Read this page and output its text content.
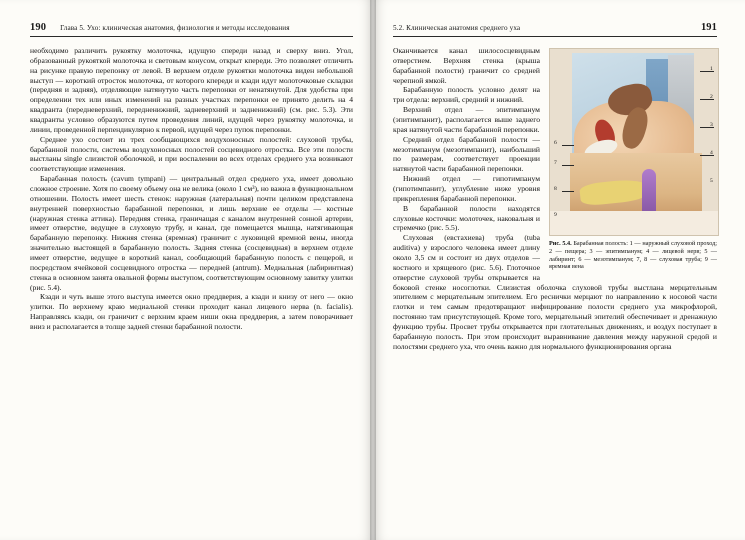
190 Глава 5. Ухо: клиническая анатомия, физиология и методы исследования

необходимо различить рукоятку молоточка, идущую спереди назад и сверху вниз. Угол, образованный рукояткой молоточка и световым конусом, открыт кпереди. Это позволяет отличить на рисунке правую перепонку от левой. В верхнем отделе рукоятки молоточка виден небольшой выступ — короткий отросток молоточка, от которого кпереди и кзади идут молоточковые складки (передняя и задняя), отделяющие натянутую часть перепонки от ненатянутой. Для удобства при определении тех или иных изменений на разных участках перепонки ее принято делить на 4 квадранта (передневерхний, передненижний, задневерхний и задненижний) (см. рис. 5.3). Эти квадранты условно образуются путем проведения линий, идущей через рукоятку молоточка, и линии, проведенной перпендикулярно к первой, идущей через пупок перепонки.

Среднее ухо состоит из трех сообщающихся воздухоносных полостей: слуховой трубы, барабанной полости, системы воздухоносных полостей сосцевидного отростка. Все эти полости выстланы single слизистой оболочкой, и при воспалении во всех отделах среднего уха возникают соответствующие изменения.

Барабанная полость (cavum tympani) — центральный отдел среднего уха, имеет довольно сложное строение. Хотя по своему объему она не велика (около 1 см³), но важна в функциональном отношении. Полость имеет шесть стенок: наружная (латеральная) почти целиком представлена внутренней поверхностью барабанной перепонки, и лишь верхние ее отделы — костные (наружная стенка аттика). Передняя стенка, граничащая с каналом внутренней сонной артерии, имеет отверстие, ведущее в слуховую трубу, и канал, где помещается мышца, натягивающая барабанную перепонку. Нижняя стенка (яремная) граничит с луковицей яремной вены, иногда значительно выстоящей в барабанную полость. Задняя стенка (сосцевидная) в верхнем отделе имеет отверстие, ведущее в короткий канал, сообщающий барабанную полость с пещерой, и посредством ячейковой сосцевидного отростка — передней (antrum). Медиальная (лабиринтная) стенка в основном занята овальной формы выступом, соответствующим основному завитку улитки (рис. 5.4).

Кзади и чуть выше этого выступа имеется окно преддверия, а кзади и книзу от него — окно улитки. По верхнему краю медиальной стенки проходит канал лицевого нерва (n. facialis). Направляясь кзади, он граничит с верхним краем ниши окна преддверия, а затем поворачивает вниз и располагается в толще задней стенки барабанной полости.

5.2. Клиническая анатомия среднего уха	191
1
2
3
4
5
6
7
8
9
Рис. 5.4. Барабанная полость: 1 — наружный слуховой проход; 2 — пещера; 3 — эпитимпанум; 4 — лицевой нерв; 5 — лабиринт; 6 — мезотимпанум; 7, 8 — слуховая труба; 9 — яремная вена

Оканчивается канал шилососцевидным отверстием. Верхняя стенка (крыша барабанной полости) граничит со средней черепной ямкой.

Барабанную полость условно делят на три отдела: верхний, средний и нижний.

Верхний отдел — эпитимпанум (эпитимпанит), располагается выше заднего края натянутой части барабанной перепонки.

Средний отдел барабанной полости — мезотимпанум (мезотимпанит), наибольший по размерам, соответствует проекции натянутой части барабанной перепонки.

Нижний отдел — гипотимпанум (гипотимпанит), углубление ниже уровня прикрепления барабанной перепонки.

В барабанной полости находятся слуховые косточки: молоточек, наковальня и стремечко (рис. 5.5).

Слуховая (евстахиева) труба (tuba auditiva) у взрослого человека имеет длину около 3,5 см и состоит из двух отделов — костного и хрящевого (рис. 5.6). Глоточное отверстие слуховой трубы открывается на боковой стенке носоглотки. Слизистая оболочка слуховой трубы выстлана мерцательным эпителием с мерцательным эпителием. Его реснички мерцают по направлению к носовой части глотки и тем самым предотвращают инфицирование полости среднего уха микрофлорой, постоянно там присутствующей. Кроме того, мерцательный эпителий обеспечивает и дренажную функцию трубы. Просвет трубы открывается при глотательных движениях, и воздух поступает в барабанную полость. При этом происходит выравнивание давления между наружной средой и полостями среднего уха, что очень важно для нормального функционирования органа
